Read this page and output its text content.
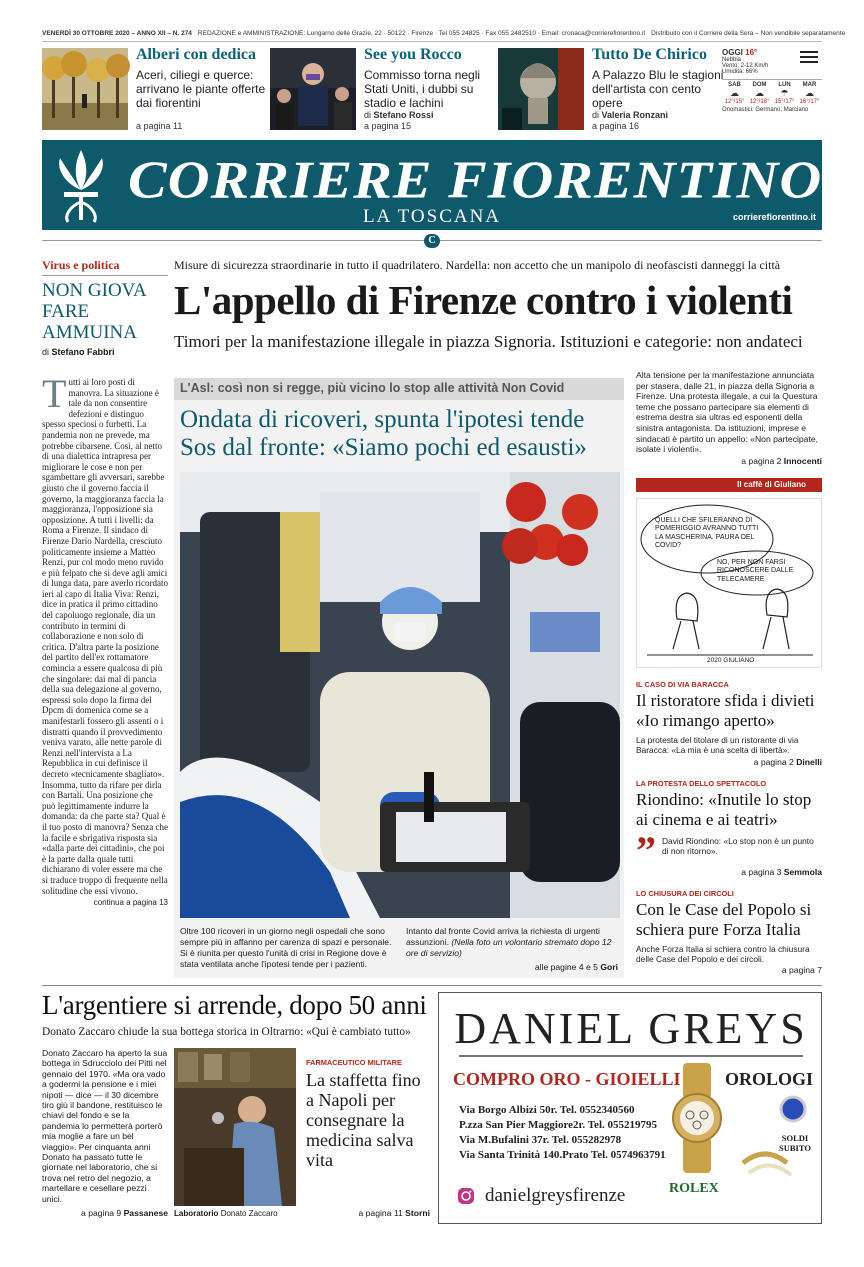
VENERDÌ 30 OTTOBRE 2020 – ANNO XII – N. 274 REDAZIONE e AMMINISTRAZIONE: Lungarno delle Grazie, 22 · 50122 · Firenze · Tel 055 24825 · Fax 055 2482510 · Email: cronaca@corrierefiorentino.it Distribuito con il Corriere della Sera – Non vendibile separatamente
Alberi con dedica
Aceri, ciliegi e querce: arrivano le piante offerte dai fiorentini
a pagina 11
See you Rocco
Commisso torna negli Stati Uniti, i dubbi su stadio e lachini
di Stefano Rossi
a pagina 15
Tutto De Chirico
A Palazzo Blu le stagioni dell'artista con cento opere
di Valeria Ronzani
a pagina 16
OGGI 16°
Nebbia
Vento: 2-12 Km/h
Umidità: 66%
SAB
☁
12°/15°
DOM
☁
12°/18°
LUN
☂
15°/17°
MAR
☁
16°/17°
Onomastici: Germano, Marciano
CORRIERE FIORENTINO
LA TOSCANA	corrierefiorentino.it
C
Virus e politica
NON GIOVA FARE AMMUINA
di Stefano Fabbri
Tutti ai loro posti di manovra. La situazione è tale da non consentire defezioni e distinguo spesso speciosi o furbetti. La pandemia non ne prevede, ma potrebbe cibarsene. Così, al netto di una dialettica intrapresa per migliorare le cose e non per sgambettare gli avversari, sarebbe giusto che il governo faccia il governo, la maggioranza faccia la maggioranza, l'opposizione sia opposizione. A tutti i livelli: da Roma a Firenze. Il sindaco di Firenze Dario Nardella, cresciuto politicamente insieme a Matteo Renzi, pur col modo meno ruvido e più felpato che si deve agli amici di lunga data, pare averlo ricordato ieri al capo di Italia Viva: Renzi, dice in pratica il primo cittadino del capoluogo regionale, dia un contributo in termini di collaborazione e non solo di critica. D'altra parte la posizione del partito dell'ex rottamatore comincia a essere qualcosa di più che singolare: dai mal di pancia della sua delegazione al governo, espressi solo dopo la firma del Dpcm di domenica come se a manifestarli fossero gli assenti o i distratti quando il provvedimento veniva varato, alle nette parole di Renzi nell'intervista a La Repubblica in cui definisce il decreto «tecnicamente sbagliato». Insomma, tutto da rifare per dirla con Bartali. Una posizione che può legittimamente indurre la domanda: da che parte sta? Qual è il tuo posto di manovra? Senza che la facile e sbrigativa risposta sia «dalla parte dei cittadini», che poi è la parte dalla quale tutti dichiarano di voler essere ma che si traduce troppo di frequente nella solitudine che essi vivono.
continua a pagina 13
Misure di sicurezza straordinarie in tutto il quadrilatero. Nardella: non accetto che un manipolo di neofascisti danneggi la città
L'appello di Firenze contro i violenti
Timori per la manifestazione illegale in piazza Signoria. Istituzioni e categorie: non andateci
L'Asl: così non si regge, più vicino lo stop alle attività Non Covid
Ondata di ricoveri, spunta l'ipotesi tende Sos dal fronte: «Siamo pochi ed esausti»
Oltre 100 ricoveri in un giorno negli ospedali che sono sempre più in affanno per carenza di spazi e personale. Si è riunita per questo l'unità di crisi in Regione dove è stata ventilata anche l'ipotesi tende per i pazienti. Intanto dal fronte Covid arriva la richiesta di urgenti assunzioni. (Nella foto un volontario stremato dopo 12 ore di servizio)
alle pagine 4 e 5 Gori
Alta tensione per la manifestazione annunciata per stasera, dalle 21, in piazza della Signoria a Firenze. Una protesta illegale, a cui la Questura teme che possano partecipare sia elementi di estrema destra sia ultras ed esponenti della sinistra antagonista. Da istituzioni, imprese e sindacati è partito un appello: «Non partecipate, isolate i violenti».
a pagina 2 Innocenti
Il caffè di Giuliano
QUELLI CHE SFILERANNO DI POMERIGGIO AVRANNO TUTTI LA MASCHERINA. PAURA DEL COVID?
NO, PER NON FARSI RICONOSCERE DALLE TELECAMERE
2020 GIULIANO
IL CASO DI VIA BARACCA
Il ristoratore sfida i divieti «Io rimango aperto»
La protesta del titolare di un ristorante di via Baracca: «La mia è una scelta di libertà».
a pagina 2 Dinelli
LA PROTESTA DELLO SPETTACOLO
Riondino: «Inutile lo stop ai cinema e ai teatri»
” David Riondino: «Lo stop non è un punto di non ritorno».
a pagina 3 Semmola
LO CHIUSURA DEI CIRCOLI
Con le Case del Popolo si schiera pure Forza Italia
Anche Forza Italia si schiera contro la chiusura delle Case del Popolo e dei circoli.
a pagina 7
L'argentiere si arrende, dopo 50 anni
Donato Zaccaro chiude la sua bottega storica in Oltrarno: «Qui è cambiato tutto»
Donato Zaccaro ha aperto la sua bottega in Sdrucciolo dei Pitti nel gennaio del 1970. «Ma ora vado a godermi la pensione e i miei nipoti — dice — il 30 dicembre tiro giù il bandone, restituisco le chiavi del fondo e se la pandemia lo permetterà porterò mia moglie a fare un bel viaggio». Per cinquanta anni Donato ha passato tutte le giornate nel laboratorio, che si trova nel retro del negozio, a martellare e cesellare pezzi unici.
a pagina 9 Passanese Laboratorio Donato Zaccaro
FARMACEUTICO MILITARE
La staffetta fino a Napoli per consegnare la medicina salva vita
a pagina 11 Storni
DANIEL GREYS
COMPRO ORO - GIOIELLI OROLOGI
Via Borgo Albizi 50r. Tel. 0552340560
P.zza San Pier Maggiore2r. Tel. 055219795
Via M.Bufalini 37r. Tel. 055282978
Via Santa Trinità 140.Prato Tel. 0574963791
ROLEX
SOLDI SUBITO
danielgreysfirenze
